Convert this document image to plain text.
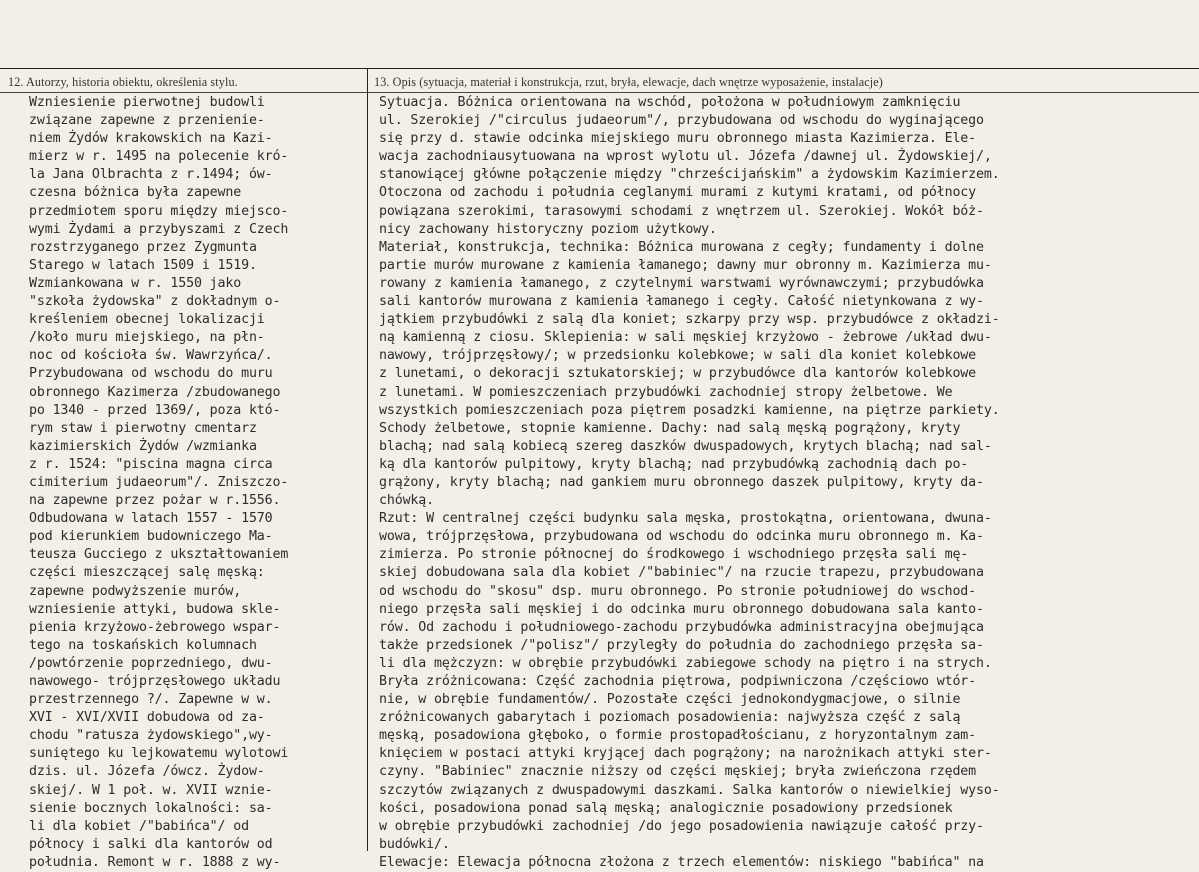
12. Autorzy, historia obiektu, określenia stylu.	13. Opis (sytuacja, materiał i konstrukcja, rzut, bryła, elewacje, dach wnętrze wyposażenie, instalacje)
Wzniesienie pierwotnej budowli
związane zapewne z przenienie-
niem Żydów krakowskich na Kazi-
mierz w r. 1495 na polecenie kró-
la Jana Olbrachta z r.1494; ów-
czesna bóżnica była zapewne
przedmiotem sporu między miejsco-
wymi Żydami a przybyszami z Czech
rozstrzyganego przez Zygmunta
Starego w latach 1509 i 1519.
Wzmiankowana w r. 1550 jako
"szkoła żydowska" z dokładnym o-
kreśleniem obecnej lokalizacji
/koło muru miejskiego, na płn-
noc od kościoła św. Wawrzyńca/.
Przybudowana od wschodu do muru
obronnego Kazimerza /zbudowanego
po 1340 - przed 1369/, poza któ-
rym staw i pierwotny cmentarz
kazimierskich Żydów /wzmianka
z r. 1524: "piscina magna circa
cimiterium judaeorum"/. Zniszczo-
na zapewne przez pożar w r.1556.
Odbudowana w latach 1557 - 1570
pod kierunkiem budowniczego Ma-
teusza Gucciego z ukształtowaniem
części mieszczącej salę męską:
zapewne podwyższenie murów,
wzniesienie attyki, budowa skle-
pienia krzyżowo-żebrowego wspar-
tego na toskańskich kolumnach
/powtórzenie poprzedniego, dwu-
nawowego- trójprzęsłowego układu
przestrzennego ?/. Zapewne w w.
XVI - XVI/XVII dobudowa od za-
chodu "ratusza żydowskiego",wy-
suniętego ku lejkowatemu wylotowi
dzis. ul. Józefa /ówcz. Żydow-
skiej/. W 1 poł. w. XVII wznie-
sienie bocznych lokalności: sa-
li dla kobiet /"babińca"/ od
północy i salki dla kantorów od
południa. Remont w r. 1888 z wy-
Sytuacja. Bóżnica orientowana na wschód, położona w południowym zamknięciu
ul. Szerokiej /"circulus judaeorum"/, przybudowana od wschodu do wyginającego
się przy d. stawie odcinka miejskiego muru obronnego miasta Kazimierza. Ele-
wacja zachodniausytuowana na wprost wylotu ul. Józefa /dawnej ul. Żydowskiej/,
stanowiącej główne połączenie między "chrześcijańskim" a żydowskim Kazimierzem.
Otoczona od zachodu i południa ceglanymi murami z kutymi kratami, od północy
powiązana szerokimi, tarasowymi schodami z wnętrzem ul. Szerokiej. Wokół bóż-
nicy zachowany historyczny poziom użytkowy.
Materiał, konstrukcja, technika: Bóżnica murowana z cegły; fundamenty i dolne
partie murów murowane z kamienia łamanego; dawny mur obronny m. Kazimierza mu-
rowany z kamienia łamanego, z czytelnymi warstwami wyrównawczymi; przybudówka
sali kantorów murowana z kamienia łamanego i cegły. Całość nietynkowana z wy-
jątkiem przybudówki z salą dla koniet; szkarpy przy wsp. przybudówce z okładzi-
ną kamienną z ciosu. Sklepienia: w sali męskiej krzyżowo - żebrowe /układ dwu-
nawowy, trójprzęsłowy/; w przedsionku kolebkowe; w sali dla koniet kolebkowe
z lunetami, o dekoracji sztukatorskiej; w przybudówce dla kantorów kolebkowe
z lunetami. W pomieszczeniach przybudówki zachodniej stropy żelbetowe. We
wszystkich pomieszczeniach poza piętrem posadzki kamienne, na piętrze parkiety.
Schody żelbetowe, stopnie kamienne. Dachy: nad salą męską pogrążony, kryty
blachą; nad salą kobiecą szereg daszków dwuspadowych, krytych blachą; nad sal-
ką dla kantorów pulpitowy, kryty blachą; nad przybudówką zachodnią dach po-
grążony, kryty blachą; nad gankiem muru obronnego daszek pulpitowy, kryty da-
chówką.
Rzut: W centralnej części budynku sala męska, prostokątna, orientowana, dwuna-
wowa, trójprzęsłowa, przybudowana od wschodu do odcinka muru obronnego m. Ka-
zimierza. Po stronie północnej do środkowego i wschodniego przęsła sali mę-
skiej dobudowana sala dla kobiet /"babiniec"/ na rzucie trapezu, przybudowana
od wschodu do "skosu" dsp. muru obronnego. Po stronie południowej do wschod-
niego przęsła sali męskiej i do odcinka muru obronnego dobudowana sala kanto-
rów. Od zachodu i południowego-zachodu przybudówka administracyjna obejmująca
także przedsionek /"polisz"/ przyległy do południa do zachodniego przęsła sa-
li dla mężczyzn: w obrębie przybudówki zabiegowe schody na piętro i na strych.
Bryła zróżnicowana: Część zachodnia piętrowa, podpiwniczona /częściowo wtór-
nie, w obrębie fundamentów/. Pozostałe części jednokondygmacjowe, o silnie
zróżnicowanych gabarytach i poziomach posadowienia: najwyższa część z salą
męską, posadowiona głęboko, o formie prostopadłościanu, z horyzontalnym zam-
knięciem w postaci attyki kryjącej dach pogrążony; na narożnikach attyki ster-
czyny. "Babiniec" znacznie niższy od części męskiej; bryła zwieńczona rzędem
szczytów związanych z dwuspadowymi daszkami. Salka kantorów o niewielkiej wyso-
kości, posadowiona ponad salą męską; analogicznie posadowiony przedsionek
w obrębie przybudówki zachodniej /do jego posadowienia nawiązuje całość przy-
budówki/.
Elewacje: Elewacja północna złożona z trzech elementów: niskiego "babińca" na
